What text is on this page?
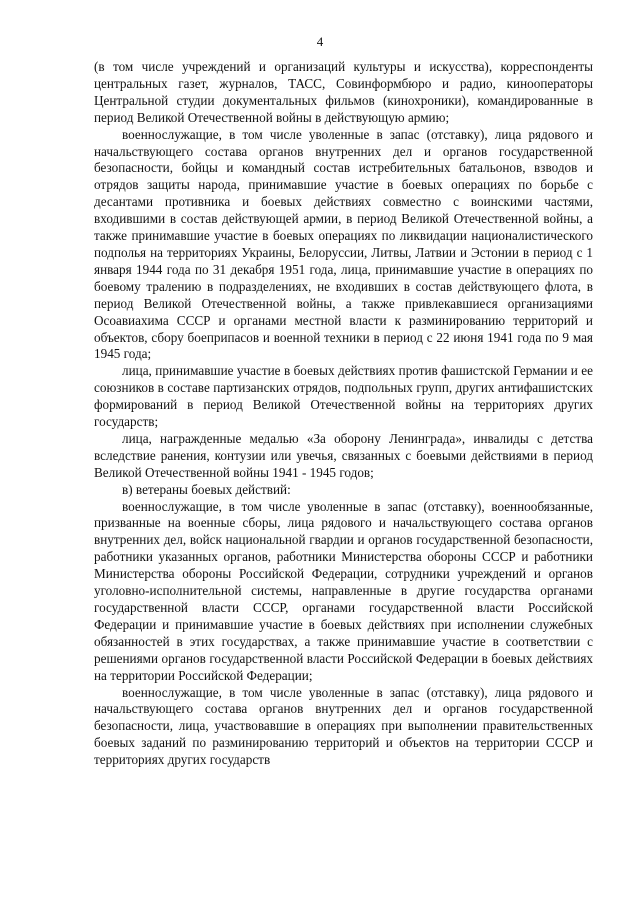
4

(в том числе учреждений и организаций культуры и искусства), корреспонденты центральных газет, журналов, ТАСС, Совинформбюро и радио, кинооператоры Центральной студии документальных фильмов (кинохроники), командированные в период Великой Отечественной войны в действующую армию;

военнослужащие, в том числе уволенные в запас (отставку), лица рядового и начальствующего состава органов внутренних дел и органов государственной безопасности, бойцы и командный состав истребительных батальонов, взводов и отрядов защиты народа, принимавшие участие в боевых операциях по борьбе с десантами противника и боевых действиях совместно с воинскими частями, входившими в состав действующей армии, в период Великой Отечественной войны, а также принимавшие участие в боевых операциях по ликвидации националистического подполья на территориях Украины, Белоруссии, Литвы, Латвии и Эстонии в период с 1 января 1944 года по 31 декабря 1951 года, лица, принимавшие участие в операциях по боевому тралению в подразделениях, не входивших в состав действующего флота, в период Великой Отечественной войны, а также привлекавшиеся организациями Осоавиахима СССР и органами местной власти к разминированию территорий и объектов, сбору боеприпасов и военной техники в период с 22 июня 1941 года по 9 мая 1945 года;

лица, принимавшие участие в боевых действиях против фашистской Германии и ее союзников в составе партизанских отрядов, подпольных групп, других антифашистских формирований в период Великой Отечественной войны на территориях других государств;

лица, награжденные медалью «За оборону Ленинграда», инвалиды с детства вследствие ранения, контузии или увечья, связанных с боевыми действиями в период Великой Отечественной войны 1941 - 1945 годов;

в) ветераны боевых действий:

военнослужащие, в том числе уволенные в запас (отставку), военнообязанные, призванные на военные сборы, лица рядового и начальствующего состава органов внутренних дел, войск национальной гвардии и органов государственной безопасности, работники указанных органов, работники Министерства обороны СССР и работники Министерства обороны Российской Федерации, сотрудники учреждений и органов уголовно-исполнительной системы, направленные в другие государства органами государственной власти СССР, органами государственной власти Российской Федерации и принимавшие участие в боевых действиях при исполнении служебных обязанностей в этих государствах, а также принимавшие участие в соответствии с решениями органов государственной власти Российской Федерации в боевых действиях на территории Российской Федерации;

военнослужащие, в том числе уволенные в запас (отставку), лица рядового и начальствующего состава органов внутренних дел и органов государственной безопасности, лица, участвовавшие в операциях при выполнении правительственных боевых заданий по разминированию территорий и объектов на территории СССР и территориях других государств
